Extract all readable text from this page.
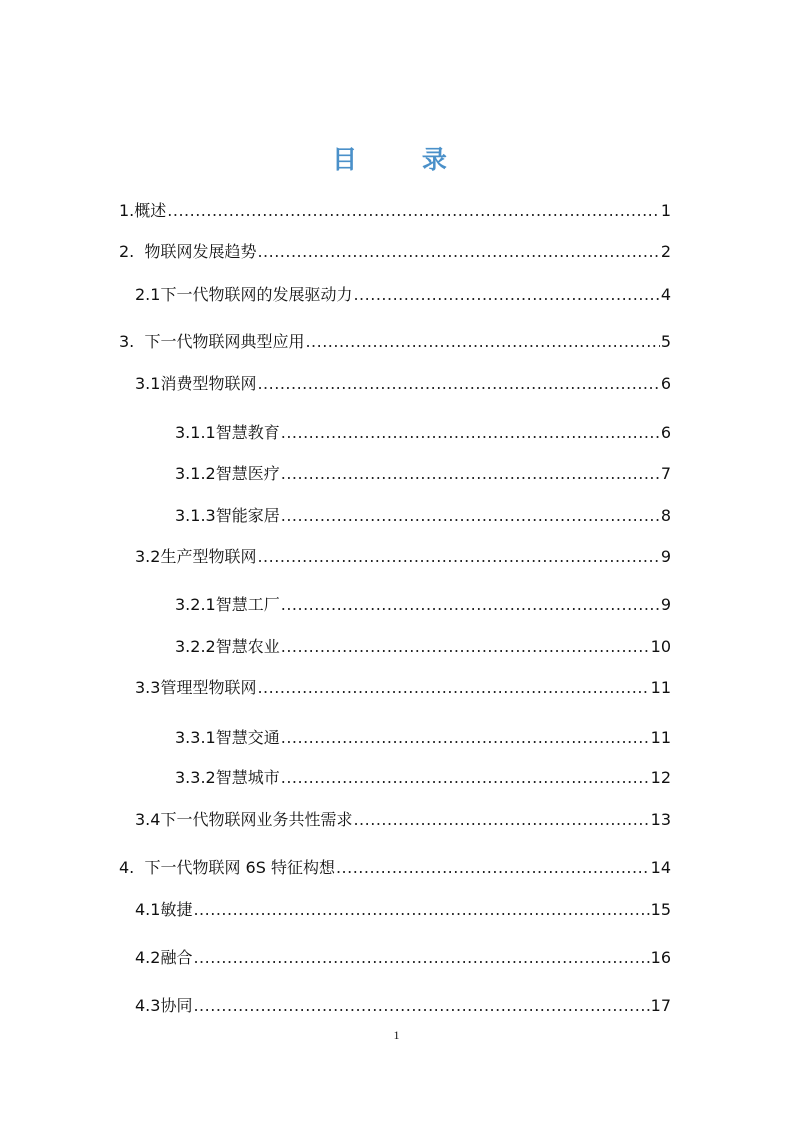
目 录
1. 概述 .....	1
2. 物联网发展趋势 .....	2
2.1 下一代物联网的发展驱动力 .....	4
3. 下一代物联网典型应用 .....	5
3.1 消费型物联网 .....	6
3.1.1 智慧教育 .....	6
3.1.2 智慧医疗 .....	7
3.1.3 智能家居 .....	8
3.2 生产型物联网 .....	9
3.2.1 智慧工厂 .....	9
3.2.2 智慧农业 .....	10
3.3 管理型物联网 .....	11
3.3.1 智慧交通 .....	11
3.3.2 智慧城市 .....	12
3.4 下一代物联网业务共性需求 .....	13
4. 下一代物联网 6S 特征构想 .....	14
4.1 敏捷 .....	15
4.2 融合 .....	16
4.3 协同 .....	17
1
